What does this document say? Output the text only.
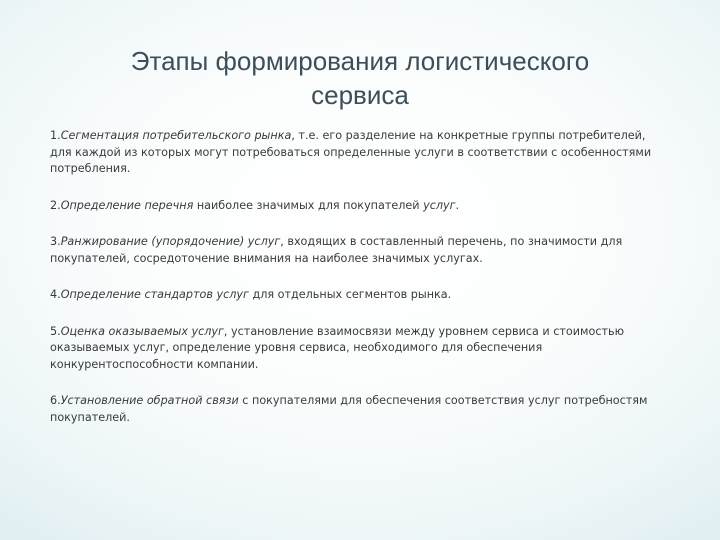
Этапы формирования логистического
сервиса

1.Сегментация потребительского рынка, т.е. его разделение на конкретные группы потребителей, для каждой из которых могут потребоваться определенные услуги в соответствии с особенностями потребления.

2.Определение перечня наиболее значимых для покупателей услуг.

3.Ранжирование (упорядочение) услуг, входящих в составленный перечень, по значимости для покупателей, сосредоточение внимания на наиболее значимых услугах.

4.Определение стандартов услуг для отдельных сегментов рынка.

5.Оценка оказываемых услуг, установление взаимосвязи между уровнем сервиса и стоимостью оказываемых услуг, определение уровня сервиса, необходимого для обеспечения конкурентоспособности компании.

6.Установление обратной связи с покупателями для обеспечения соответствия услуг потребностям покупателей.
